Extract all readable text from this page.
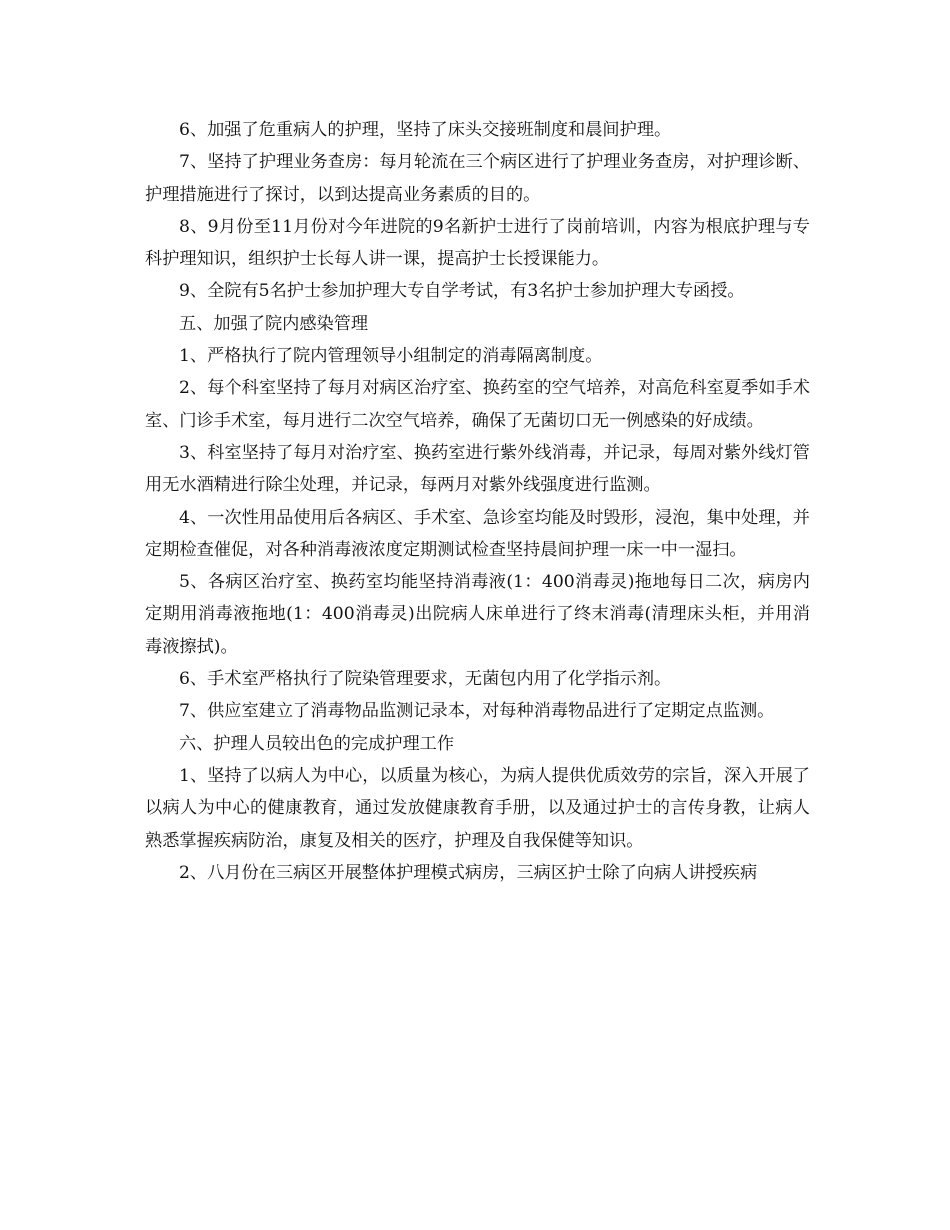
6、加强了危重病人的护理，坚持了床头交接班制度和晨间护理。

7、坚持了护理业务查房：每月轮流在三个病区进行了护理业务查房，对护理诊断、护理措施进行了探讨，以到达提高业务素质的目的。

8、9月份至11月份对今年进院的9名新护士进行了岗前培训，内容为根底护理与专科护理知识，组织护士长每人讲一课，提高护士长授课能力。

9、全院有5名护士参加护理大专自学考试，有3名护士参加护理大专函授。

五、加强了院内感染管理

1、严格执行了院内管理领导小组制定的消毒隔离制度。

2、每个科室坚持了每月对病区治疗室、换药室的空气培养，对高危科室夏季如手术室、门诊手术室，每月进行二次空气培养，确保了无菌切口无一例感染的好成绩。

3、科室坚持了每月对治疗室、换药室进行紫外线消毒，并记录，每周对紫外线灯管用无水酒精进行除尘处理，并记录，每两月对紫外线强度进行监测。

4、一次性用品使用后各病区、手术室、急诊室均能及时毁形，浸泡，集中处理，并定期检查催促，对各种消毒液浓度定期测试检查坚持晨间护理一床一中一湿扫。

5、各病区治疗室、换药室均能坚持消毒液(1：400消毒灵)拖地每日二次，病房内定期用消毒液拖地(1：400消毒灵)出院病人床单进行了终末消毒(清理床头柜，并用消毒液擦拭)。

6、手术室严格执行了院染管理要求，无菌包内用了化学指示剂。

7、供应室建立了消毒物品监测记录本，对每种消毒物品进行了定期定点监测。

六、护理人员较出色的完成护理工作

1、坚持了以病人为中心，以质量为核心，为病人提供优质效劳的宗旨，深入开展了以病人为中心的健康教育，通过发放健康教育手册，以及通过护士的言传身教，让病人熟悉掌握疾病防治，康复及相关的医疗，护理及自我保健等知识。

2、八月份在三病区开展整体护理模式病房，三病区护士除了向病人讲授疾病
